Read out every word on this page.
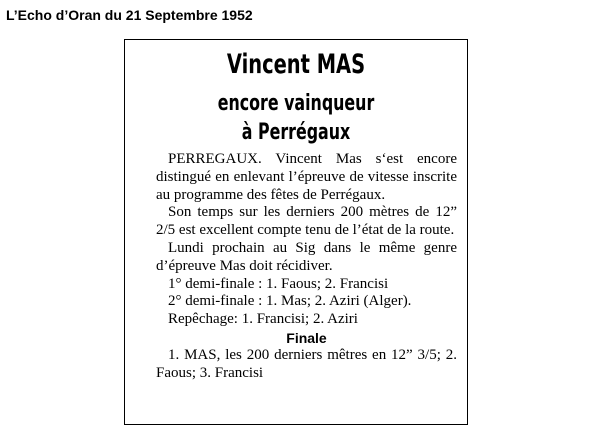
L’Echo d’Oran du 21 Septembre 1952
Vincent MAS
encore vainqueur
à Perrégaux

PERREGAUX. Vincent Mas s‘est encore distingué en enlevant l’épreuve de vitesse inscrite au programme des fêtes de Perrégaux.

Son temps sur les derniers 200 mètres de 12” 2/5 est excellent compte tenu de l’état de la route.

Lundi prochain au Sig dans le même genre d’épreuve Mas doit récidiver.

1° demi-finale : 1. Faous; 2. Francisi

2° demi-finale : 1. Mas; 2. Aziri (Alger).

Repêchage: 1. Francisi; 2. Aziri

Finale

1. MAS, les 200 derniers mêtres en 12” 3/5; 2. Faous; 3. Francisi
